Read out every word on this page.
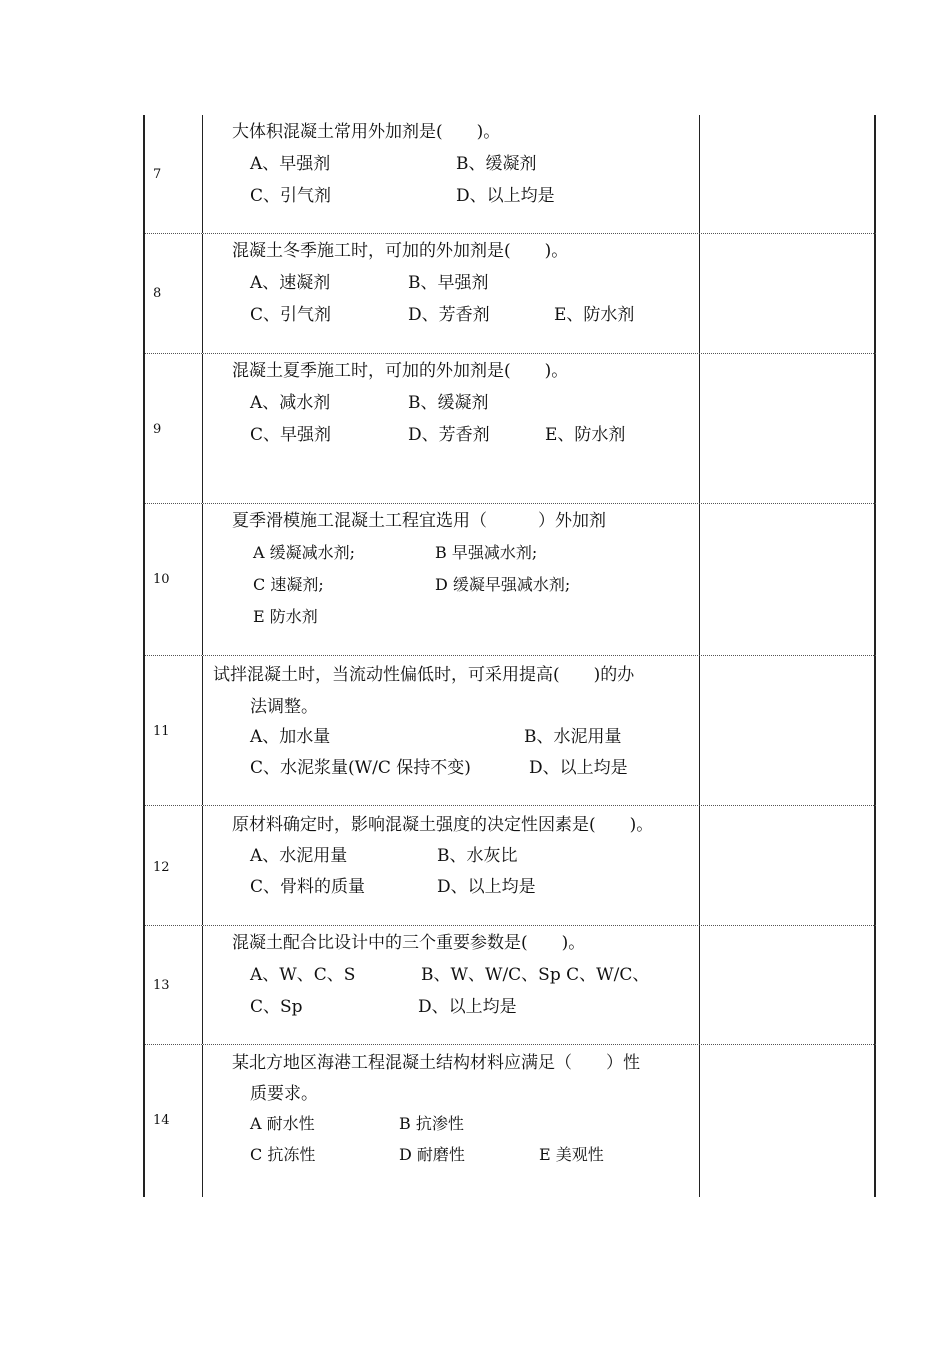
7
大体积混凝土常用外加剂是(　　)。
A、早强剂	B、缓凝剂
C、引气剂	D、以上均是
8
混凝土冬季施工时，可加的外加剂是(　　)。
A、速凝剂	B、早强剂
C、引气剂	D、芳香剂	E、防水剂
9
混凝土夏季施工时，可加的外加剂是(　　)。
A、减水剂	B、缓凝剂
C、早强剂	D、芳香剂	E、防水剂
10
夏季滑模施工混凝土工程宜选用（　　　）外加剂
A 缓凝减水剂;	B 早强减水剂;
C 速凝剂;	D 缓凝早强减水剂;
E 防水剂
11
试拌混凝土时，当流动性偏低时，可采用提高(　　)的办
法调整。
A、加水量	B、水泥用量
C、水泥浆量(W/C 保持不变)	D、以上均是
12
原材料确定时，影响混凝土强度的决定性因素是(　　)。
A、水泥用量	B、水灰比
C、骨料的质量	D、以上均是
13
混凝土配合比设计中的三个重要参数是(　　)。
A、W、C、S	B、W、W/C、Sp C、W/C、
C、Sp	D、以上均是
14
某北方地区海港工程混凝土结构材料应满足（　　）性
质要求。
A 耐水性	B 抗渗性
C 抗冻性	D 耐磨性	E 美观性
